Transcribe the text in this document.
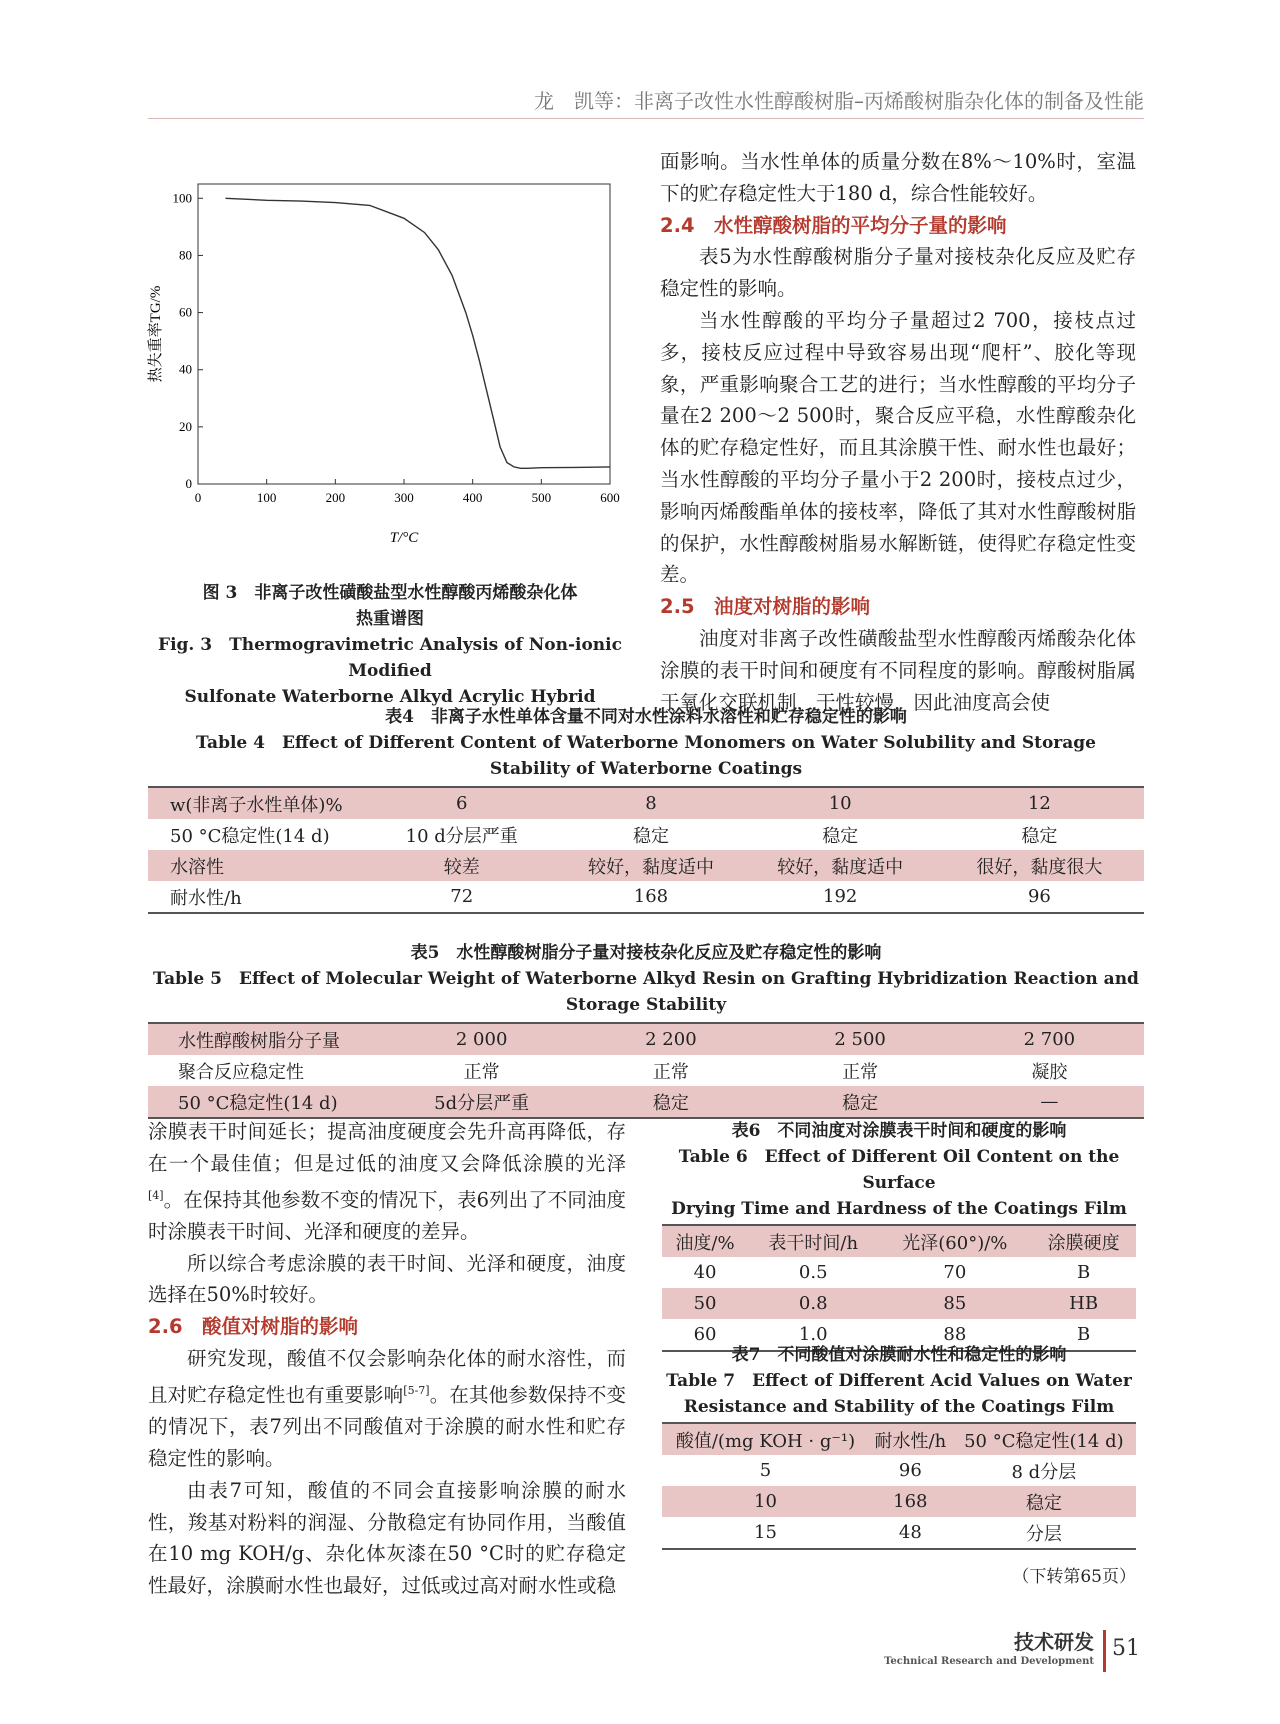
龙　凯等：非离子改性水性醇酸树脂–丙烯酸树脂杂化体的制备及性能
0	100	200	300	400	500	600
0
20
40
60
80
100
热失重率TG/%
T/°C
图 3　非离子改性磺酸盐型水性醇酸丙烯酸杂化体
热重谱图
Fig. 3　Thermogravimetric Analysis of Non-ionic Modified
Sulfonate Waterborne Alkyd Acrylic Hybrid

面影响。当水性单体的质量分数在8%～10%时，室温下的贮存稳定性大于180 d，综合性能较好。

2.4　水性醇酸树脂的平均分子量的影响

表5为水性醇酸树脂分子量对接枝杂化反应及贮存稳定性的影响。

当水性醇酸的平均分子量超过2 700，接枝点过多，接枝反应过程中导致容易出现“爬杆”、胶化等现象，严重影响聚合工艺的进行；当水性醇酸的平均分子量在2 200～2 500时，聚合反应平稳，水性醇酸杂化体的贮存稳定性好，而且其涂膜干性、耐水性也最好；当水性醇酸的平均分子量小于2 200时，接枝点过少，影响丙烯酸酯单体的接枝率，降低了其对水性醇酸树脂的保护，水性醇酸树脂易水解断链，使得贮存稳定性变差。

2.5　油度对树脂的影响

油度对非离子改性磺酸盐型水性醇酸丙烯酸杂化体涂膜的表干时间和硬度有不同程度的影响。醇酸树脂属于氧化交联机制，干性较慢，因此油度高会使

表4　非离子水性单体含量不同对水性涂料水溶性和贮存稳定性的影响
Table 4　Effect of Different Content of Waterborne Monomers on Water Solubility and Storage Stability of Waterborne Coatings
w(非离子水性单体)%	6	8	10	12
50 °C稳定性(14 d)	10 d分层严重	稳定	稳定	稳定
水溶性	较差	较好，黏度适中	较好，黏度适中	很好，黏度很大
耐水性/h	72	168	192	96
表5　水性醇酸树脂分子量对接枝杂化反应及贮存稳定性的影响
Table 5　Effect of Molecular Weight of Waterborne Alkyd Resin on Grafting Hybridization Reaction and Storage Stability
水性醇酸树脂分子量	2 000	2 200	2 500	2 700
聚合反应稳定性	正常	正常	正常	凝胶
50 °C稳定性(14 d)	5d分层严重	稳定	稳定	—

涂膜表干时间延长；提高油度硬度会先升高再降低，存在一个最佳值；但是过低的油度又会降低涂膜的光泽[4]。在保持其他参数不变的情况下，表6列出了不同油度时涂膜表干时间、光泽和硬度的差异。

所以综合考虑涂膜的表干时间、光泽和硬度，油度选择在50%时较好。

2.6　酸值对树脂的影响

研究发现，酸值不仅会影响杂化体的耐水溶性，而且对贮存稳定性也有重要影响[5-7]。在其他参数保持不变的情况下，表7列出不同酸值对于涂膜的耐水性和贮存稳定性的影响。

由表7可知，酸值的不同会直接影响涂膜的耐水性，羧基对粉料的润湿、分散稳定有协同作用，当酸值在10 mg KOH/g、杂化体灰漆在50 °C时的贮存稳定性最好，涂膜耐水性也最好，过低或过高对耐水性或稳

表6　不同油度对涂膜表干时间和硬度的影响
Table 6　Effect of Different Oil Content on the Surface
Drying Time and Hardness of the Coatings Film
油度/%	表干时间/h	光泽(60°)/%	涂膜硬度
40	0.5	70	B
50	0.8	85	HB
60	1.0	88	B
表7　不同酸值对涂膜耐水性和稳定性的影响
Table 7　Effect of Different Acid Values on Water
Resistance and Stability of the Coatings Film
酸值/(mg KOH · g⁻¹)	耐水性/h	50 °C稳定性(14 d)
5	96	8 d分层
10	168	稳定
15	48	分层
（下转第65页）
技术研发
Technical Research and Development
51
